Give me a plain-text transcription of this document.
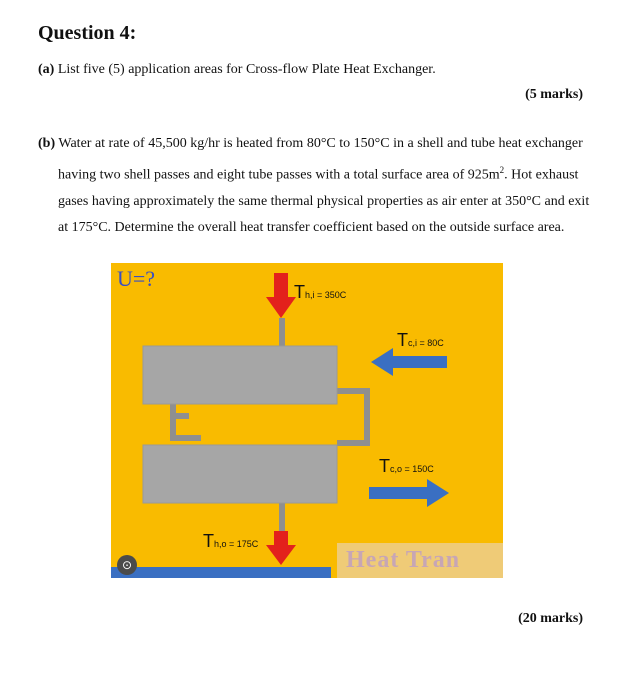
Question 4:
(a) List five (5) application areas for Cross-flow Plate Heat Exchanger.
(5 marks)
(b) Water at rate of 45,500 kg/hr is heated from 80°C to 150°C in a shell and tube heat exchanger
having two shell passes and eight tube passes with a total surface area of $925m^2$. Hot exhaust
gases having approximately the same thermal physical properties as air enter at 350°C and exit
at 175°C. Determine the overall heat transfer coefficient based on the outside surface area.
U=?
Th,i = 350C
Tc,i = 80C
Tc,o = 150C
Th,o = 175C
Heat Tran
⊙
(20 marks)
